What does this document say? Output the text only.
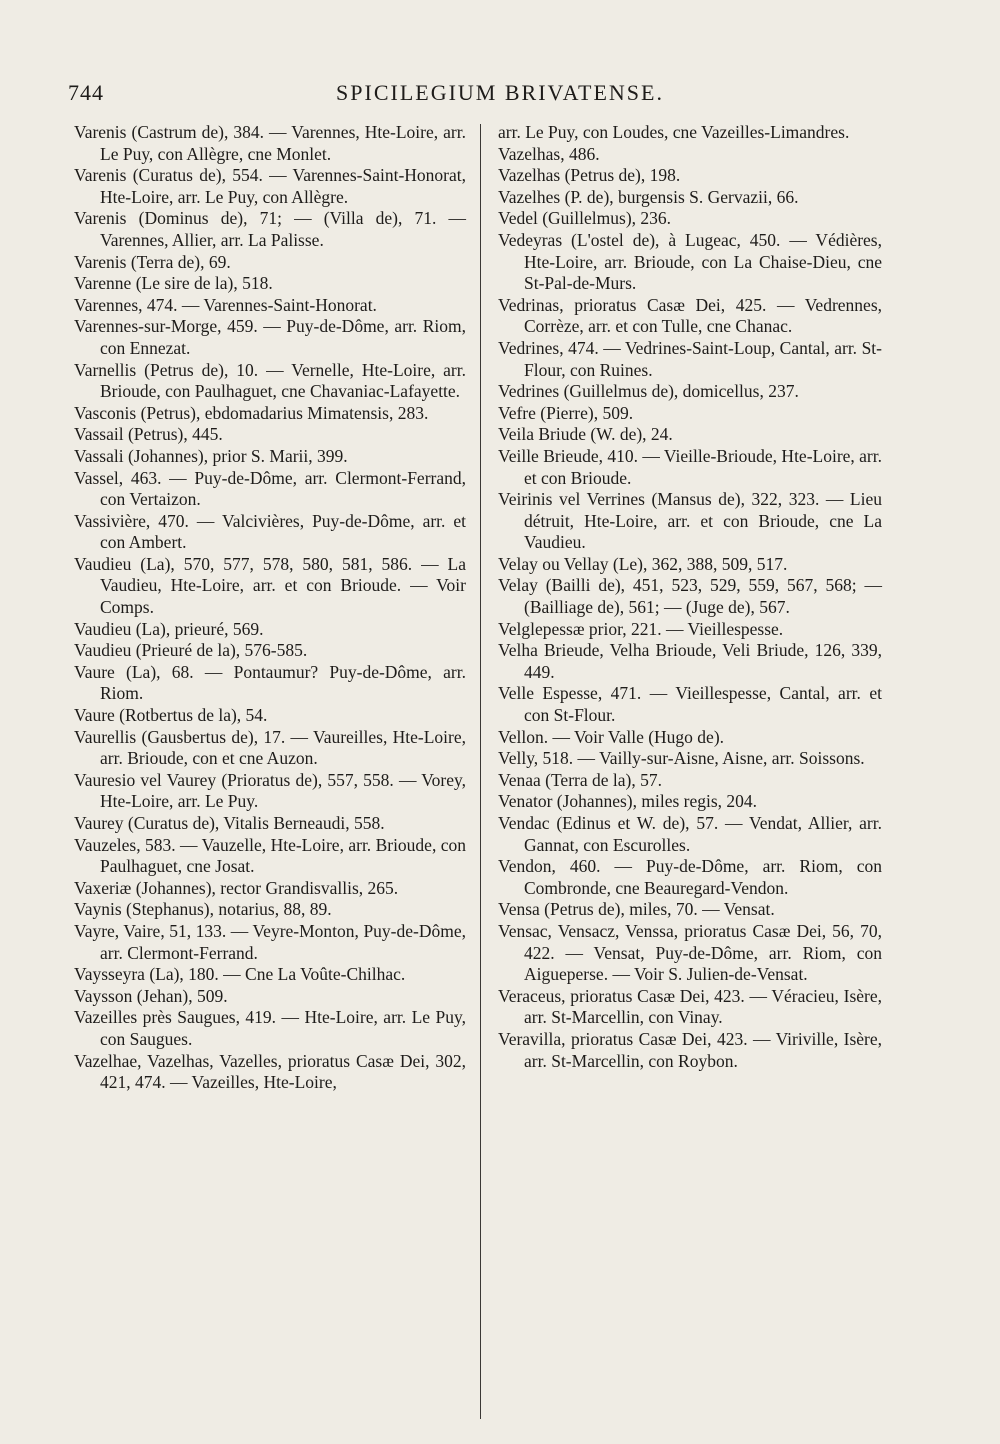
744	SPICILEGIUM BRIVATENSE.

Varenis (Castrum de), 384. — Varennes, Hte-Loire, arr. Le Puy, con Allègre, cne Monlet.

Varenis (Curatus de), 554. — Varennes-Saint-Honorat, Hte-Loire, arr. Le Puy, con Allègre.

Varenis (Dominus de), 71; — (Villa de), 71. — Varennes, Allier, arr. La Palisse.

Varenis (Terra de), 69.

Varenne (Le sire de la), 518.

Varennes, 474. — Varennes-Saint-Honorat.

Varennes-sur-Morge, 459. — Puy-de-Dôme, arr. Riom, con Ennezat.

Varnellis (Petrus de), 10. — Vernelle, Hte-Loire, arr. Brioude, con Paulhaguet, cne Chavaniac-Lafayette.

Vasconis (Petrus), ebdomadarius Mimatensis, 283.

Vassail (Petrus), 445.

Vassali (Johannes), prior S. Marii, 399.

Vassel, 463. — Puy-de-Dôme, arr. Clermont-Ferrand, con Vertaizon.

Vassivière, 470. — Valcivières, Puy-de-Dôme, arr. et con Ambert.

Vaudieu (La), 570, 577, 578, 580, 581, 586. — La Vaudieu, Hte-Loire, arr. et con Brioude. — Voir Comps.

Vaudieu (La), prieuré, 569.

Vaudieu (Prieuré de la), 576-585.

Vaure (La), 68. — Pontaumur? Puy-de-Dôme, arr. Riom.

Vaure (Rotbertus de la), 54.

Vaurellis (Gausbertus de), 17. — Vaureilles, Hte-Loire, arr. Brioude, con et cne Auzon.

Vauresio vel Vaurey (Prioratus de), 557, 558. — Vorey, Hte-Loire, arr. Le Puy.

Vaurey (Curatus de), Vitalis Berneaudi, 558.

Vauzeles, 583. — Vauzelle, Hte-Loire, arr. Brioude, con Paulhaguet, cne Josat.

Vaxeriæ (Johannes), rector Grandisvallis, 265.

Vaynis (Stephanus), notarius, 88, 89.

Vayre, Vaire, 51, 133. — Veyre-Monton, Puy-de-Dôme, arr. Clermont-Ferrand.

Vaysseyra (La), 180. — Cne La Voûte-Chilhac.

Vaysson (Jehan), 509.

Vazeilles près Saugues, 419. — Hte-Loire, arr. Le Puy, con Saugues.

Vazelhae, Vazelhas, Vazelles, prioratus Casæ Dei, 302, 421, 474. — Vazeilles, Hte-Loire,

arr. Le Puy, con Loudes, cne Vazeilles-Limandres.

Vazelhas, 486.

Vazelhas (Petrus de), 198.

Vazelhes (P. de), burgensis S. Gervazii, 66.

Vedel (Guillelmus), 236.

Vedeyras (L'ostel de), à Lugeac, 450. — Védières, Hte-Loire, arr. Brioude, con La Chaise-Dieu, cne St-Pal-de-Murs.

Vedrinas, prioratus Casæ Dei, 425. — Vedrennes, Corrèze, arr. et con Tulle, cne Chanac.

Vedrines, 474. — Vedrines-Saint-Loup, Cantal, arr. St-Flour, con Ruines.

Vedrines (Guillelmus de), domicellus, 237.

Vefre (Pierre), 509.

Veila Briude (W. de), 24.

Veille Brieude, 410. — Vieille-Brioude, Hte-Loire, arr. et con Brioude.

Veirinis vel Verrines (Mansus de), 322, 323. — Lieu détruit, Hte-Loire, arr. et con Brioude, cne La Vaudieu.

Velay ou Vellay (Le), 362, 388, 509, 517.

Velay (Bailli de), 451, 523, 529, 559, 567, 568; — (Bailliage de), 561; — (Juge de), 567.

Velglepessæ prior, 221. — Vieillespesse.

Velha Brieude, Velha Brioude, Veli Briude, 126, 339, 449.

Velle Espesse, 471. — Vieillespesse, Cantal, arr. et con St-Flour.

Vellon. — Voir Valle (Hugo de).

Velly, 518. — Vailly-sur-Aisne, Aisne, arr. Soissons.

Venaa (Terra de la), 57.

Venator (Johannes), miles regis, 204.

Vendac (Edinus et W. de), 57. — Vendat, Allier, arr. Gannat, con Escurolles.

Vendon, 460. — Puy-de-Dôme, arr. Riom, con Combronde, cne Beauregard-Vendon.

Vensa (Petrus de), miles, 70. — Vensat.

Vensac, Vensacz, Venssa, prioratus Casæ Dei, 56, 70, 422. — Vensat, Puy-de-Dôme, arr. Riom, con Aigueperse. — Voir S. Julien-de-Vensat.

Veraceus, prioratus Casæ Dei, 423. — Véracieu, Isère, arr. St-Marcellin, con Vinay.

Veravilla, prioratus Casæ Dei, 423. — Viriville, Isère, arr. St-Marcellin, con Roybon.
